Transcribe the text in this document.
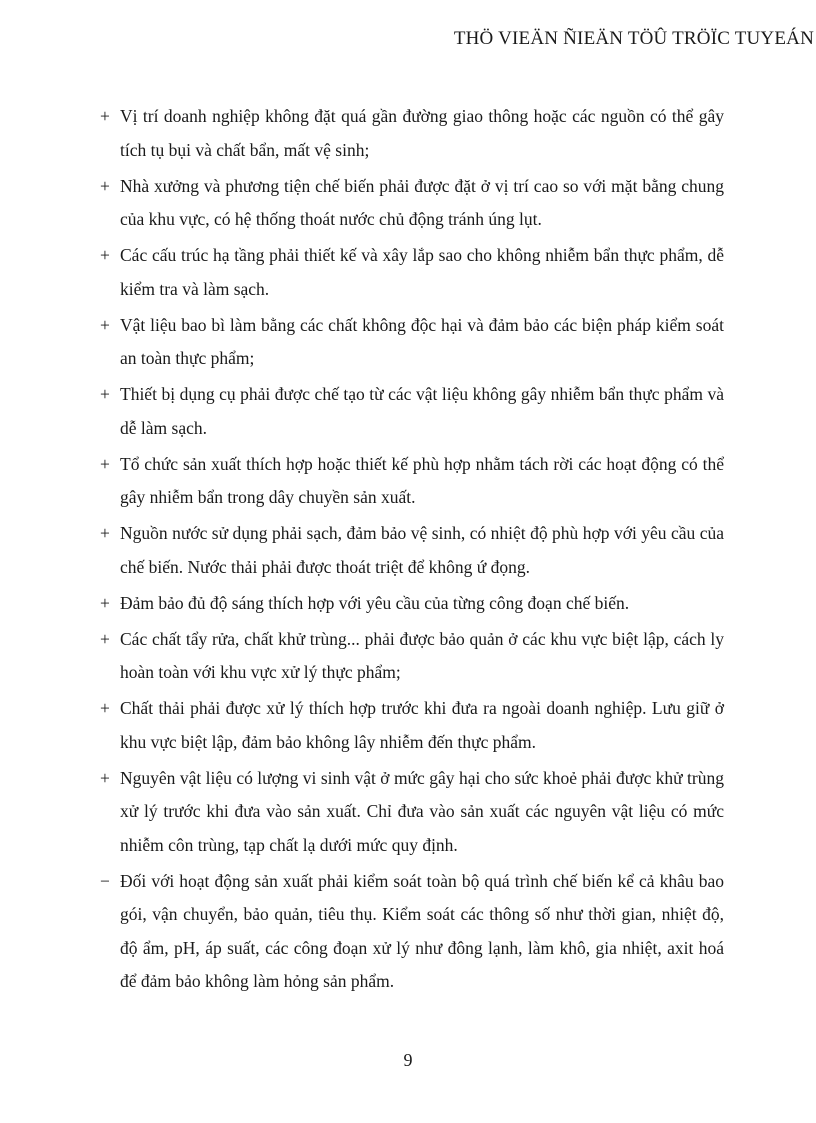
THÖ VIEÄN ÑIEÄN TÖÛ TRÖÏC TUYEÁN
+ Vị trí doanh nghiệp không đặt quá gần đường giao thông hoặc các nguồn có thể gây tích tụ bụi và chất bẩn, mất vệ sinh;
+ Nhà xưởng và phương tiện chế biến phải được đặt ở vị trí cao so với mặt bằng chung của khu vực, có hệ thống thoát nước chủ động tránh úng lụt.
+ Các cấu trúc hạ tầng phải thiết kế và xây lắp sao cho không nhiễm bẩn thực phẩm, dễ kiểm tra và làm sạch.
+ Vật liệu bao bì làm bằng các chất không độc hại và đảm bảo các biện pháp kiểm soát an toàn thực phẩm;
+ Thiết bị dụng cụ phải được chế tạo từ các vật liệu không gây nhiễm bẩn thực phẩm và dễ làm sạch.
+ Tổ chức sản xuất thích hợp hoặc thiết kế phù hợp nhằm tách rời các hoạt động có thể gây nhiễm bẩn trong dây chuyền sản xuất.
+ Nguồn nước sử dụng phải sạch, đảm bảo vệ sinh, có nhiệt độ phù hợp với yêu cầu của chế biến. Nước thải phải được thoát triệt để không ứ đọng.
+ Đảm bảo đủ độ sáng thích hợp với yêu cầu của từng công đoạn chế biến.
+ Các chất tẩy rửa, chất khử trùng... phải được bảo quản ở các khu vực biệt lập, cách ly hoàn toàn với khu vực xử lý thực phẩm;
+ Chất thải phải được xử lý thích hợp trước khi đưa ra ngoài doanh nghiệp. Lưu giữ ở khu vực biệt lập, đảm bảo không lây nhiễm đến thực phẩm.
+ Nguyên vật liệu có lượng vi sinh vật ở mức gây hại cho sức khoẻ phải được khử trùng xử lý trước khi đưa vào sản xuất. Chỉ đưa vào sản xuất các nguyên vật liệu có mức nhiễm côn trùng, tạp chất lạ dưới mức quy định.
− Đối với hoạt động sản xuất phải kiểm soát toàn bộ quá trình chế biến kể cả khâu bao gói, vận chuyển, bảo quản, tiêu thụ. Kiểm soát các thông số như thời gian, nhiệt độ, độ ẩm, pH, áp suất, các công đoạn xử lý như đông lạnh, làm khô, gia nhiệt, axit hoá để đảm bảo không làm hỏng sản phẩm.
9
